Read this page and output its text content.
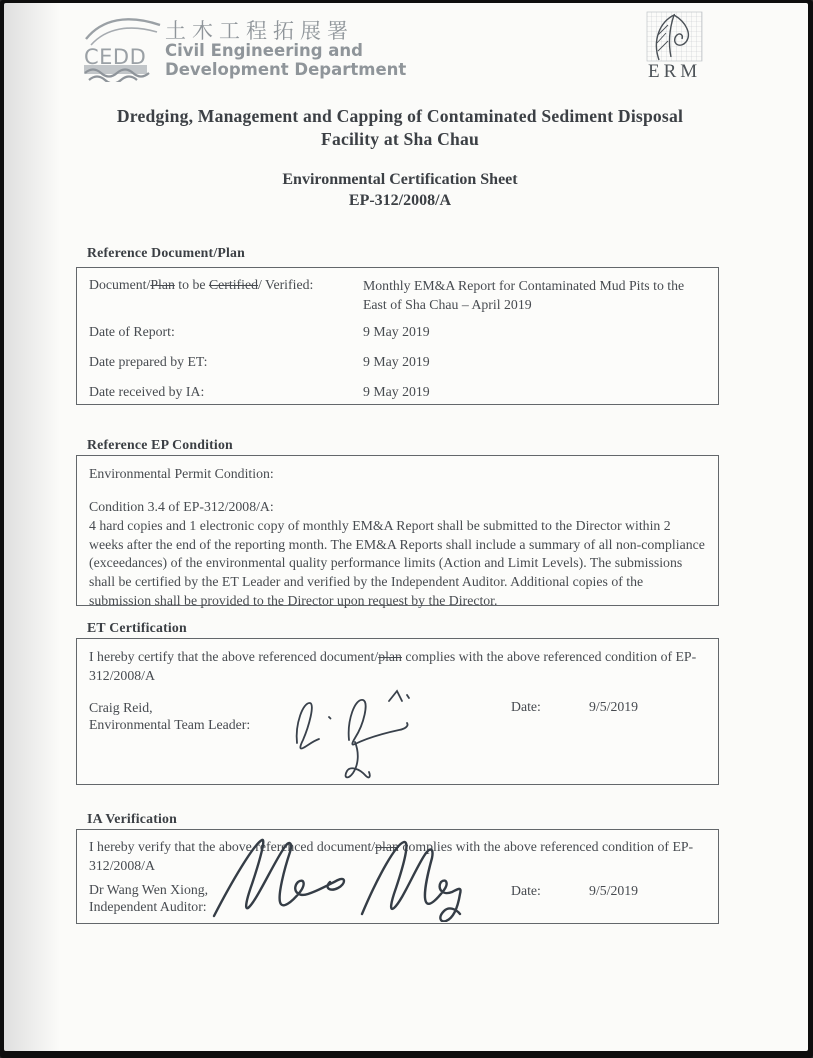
CEDD
土木工程拓展署
Civil Engineering and
Development Department	ERM
Dredging, Management and Capping of Contaminated Sediment Disposal
Facility at Sha Chau
Environmental Certification Sheet
EP-312/2008/A
Reference Document/Plan
Document/Plan to be Certified/ Verified:	Monthly EM&A Report for Contaminated Mud Pits to the East of Sha Chau – April 2019
Date of Report:	9 May 2019
Date prepared by ET:	9 May 2019
Date received by IA:	9 May 2019
Reference EP Condition
Environmental Permit Condition:
Condition 3.4 of EP-312/2008/A:
4 hard copies and 1 electronic copy of monthly EM&A Report shall be submitted to the Director within 2 weeks after the end of the reporting month. The EM&A Reports shall include a summary of all non-compliance (exceedances) of the environmental quality performance limits (Action and Limit Levels). The submissions shall be certified by the ET Leader and verified by the Independent Auditor. Additional copies of the submission shall be provided to the Director upon request by the Director.
ET Certification
I hereby certify that the above referenced document/plan complies with the above referenced condition of EP-312/2008/A
Craig Reid,
Environmental Team Leader:
Date:	9/5/2019
IA Verification
I hereby verify that the above referenced document/plan complies with the above referenced condition of EP-312/2008/A
Dr Wang Wen Xiong,
Independent Auditor:
Date:	9/5/2019
